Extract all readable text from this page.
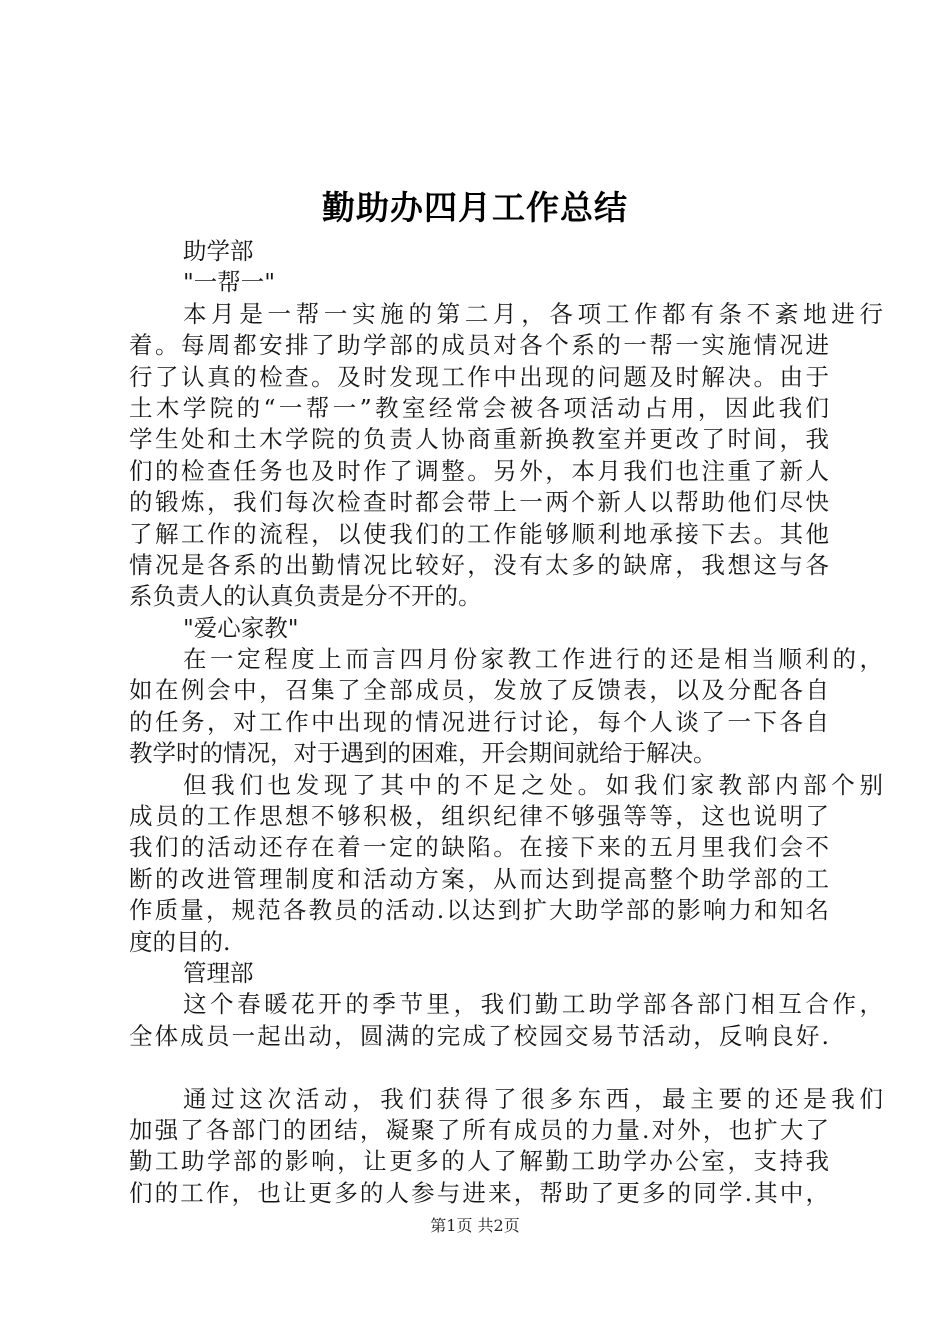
勤助办四月工作总结
助学部
"一帮一"
本月是一帮一实施的第二月，各项工作都有条不紊地进行
着。每周都安排了助学部的成员对各个系的一帮一实施情况进
行了认真的检查。及时发现工作中出现的问题及时解决。由于
土木学院的“一帮一”教室经常会被各项活动占用，因此我们
学生处和土木学院的负责人协商重新换教室并更改了时间，我
们的检查任务也及时作了调整。另外，本月我们也注重了新人
的锻炼，我们每次检查时都会带上一两个新人以帮助他们尽快
了解工作的流程，以使我们的工作能够顺利地承接下去。其他
情况是各系的出勤情况比较好，没有太多的缺席，我想这与各
系负责人的认真负责是分不开的。
"爱心家教"
在一定程度上而言四月份家教工作进行的还是相当顺利的，
如在例会中，召集了全部成员，发放了反馈表，以及分配各自
的任务，对工作中出现的情况进行讨论，每个人谈了一下各自
教学时的情况，对于遇到的困难，开会期间就给于解决。
但我们也发现了其中的不足之处。如我们家教部内部个别
成员的工作思想不够积极，组织纪律不够强等等，这也说明了
我们的活动还存在着一定的缺陷。在接下来的五月里我们会不
断的改进管理制度和活动方案，从而达到提高整个助学部的工
作质量，规范各教员的活动.以达到扩大助学部的影响力和知名
度的目的.
管理部
这个春暖花开的季节里，我们勤工助学部各部门相互合作，
全体成员一起出动，圆满的完成了校园交易节活动，反响良好.
通过这次活动，我们获得了很多东西，最主要的还是我们
加强了各部门的团结，凝聚了所有成员的力量.对外，也扩大了
勤工助学部的影响，让更多的人了解勤工助学办公室，支持我
们的工作，也让更多的人参与进来，帮助了更多的同学.其中，
第1页 共2页
